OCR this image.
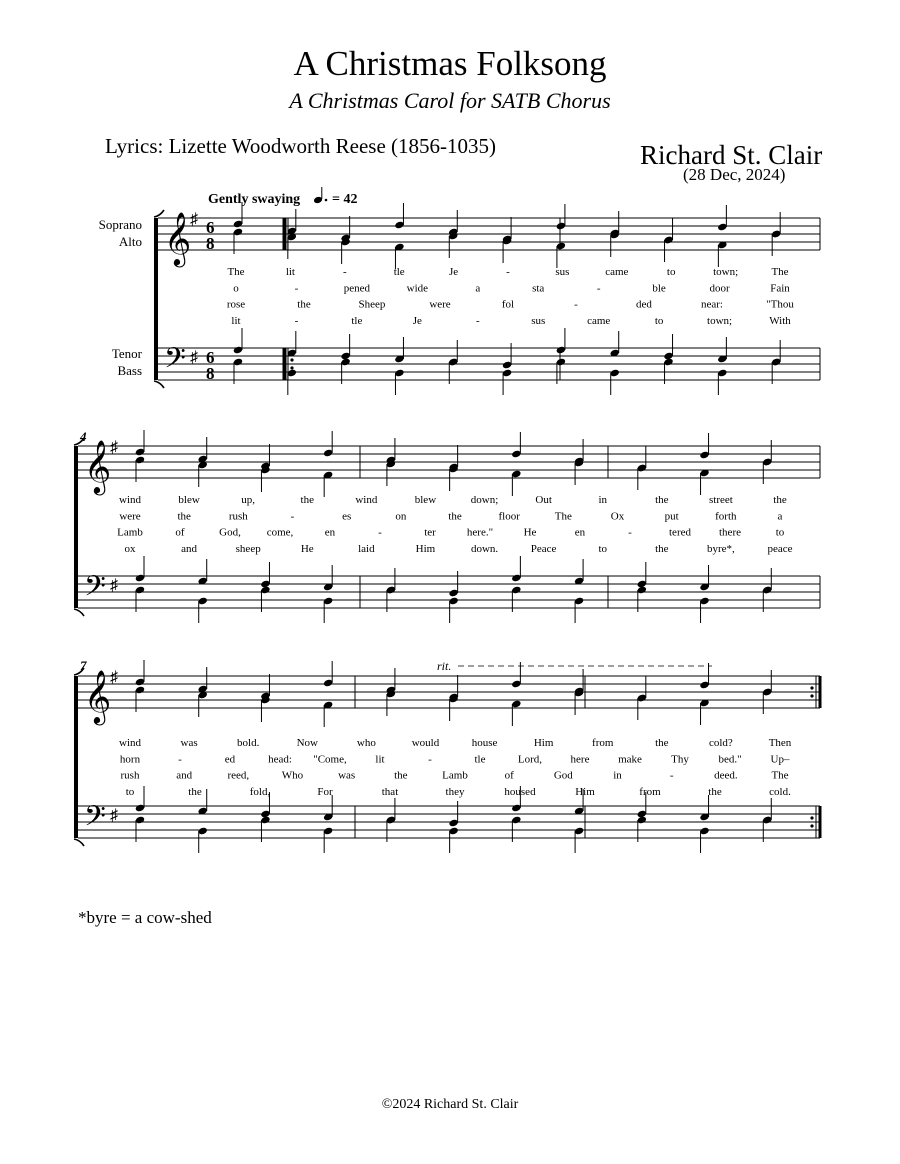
A Christmas Folksong
A Christmas Carol for SATB Chorus
Lyrics: Lizette Woodworth Reese (1856-1035)	Richard St. Clair
(28 Dec, 2024)
Gently swaying = 42
Soprano
Alto
Tenor
Bass
4
7	rit.
𝄞
♯ 6
8
𝄢 ♯ 6
8
𝄞
♯
𝄢 ♯
𝄞
♯
𝄢 ♯
The	lit	-	tle	Je	-	sus	came	to	town;	The
o	-	pened	wide	a	sta	-	ble	door	Fain
rose	the	Sheep	were	fol	-	ded	near:	"Thou
lit	-	tle	Je	-	sus	came	to	town;	With
wind	blew	up,	the	wind	blew	down;	Out	in	the	street	the
were	the	rush	-	es	on	the	floor	The	Ox	put	forth	a
Lamb	of	God, come,	en	-	ter	here."	He	en	-	tered	there	to
ox	and	sheep	He	laid	Him	down.	Peace	to	the	byre*,	peace
wind	was	bold.	Now	who	would	house	Him	from	the	cold?	Then
horn	-	ed	head: "Come,	lit	-	tle	Lord,	here	make	Thy	bed."	Up–
rush	and	reed,	Who	was	the	Lamb	of	God	in	-	deed.	The
to	the	fold,	For	that	they	housed	Him	from	the	cold.
*byre = a cow-shed
©2024 Richard St. Clair
